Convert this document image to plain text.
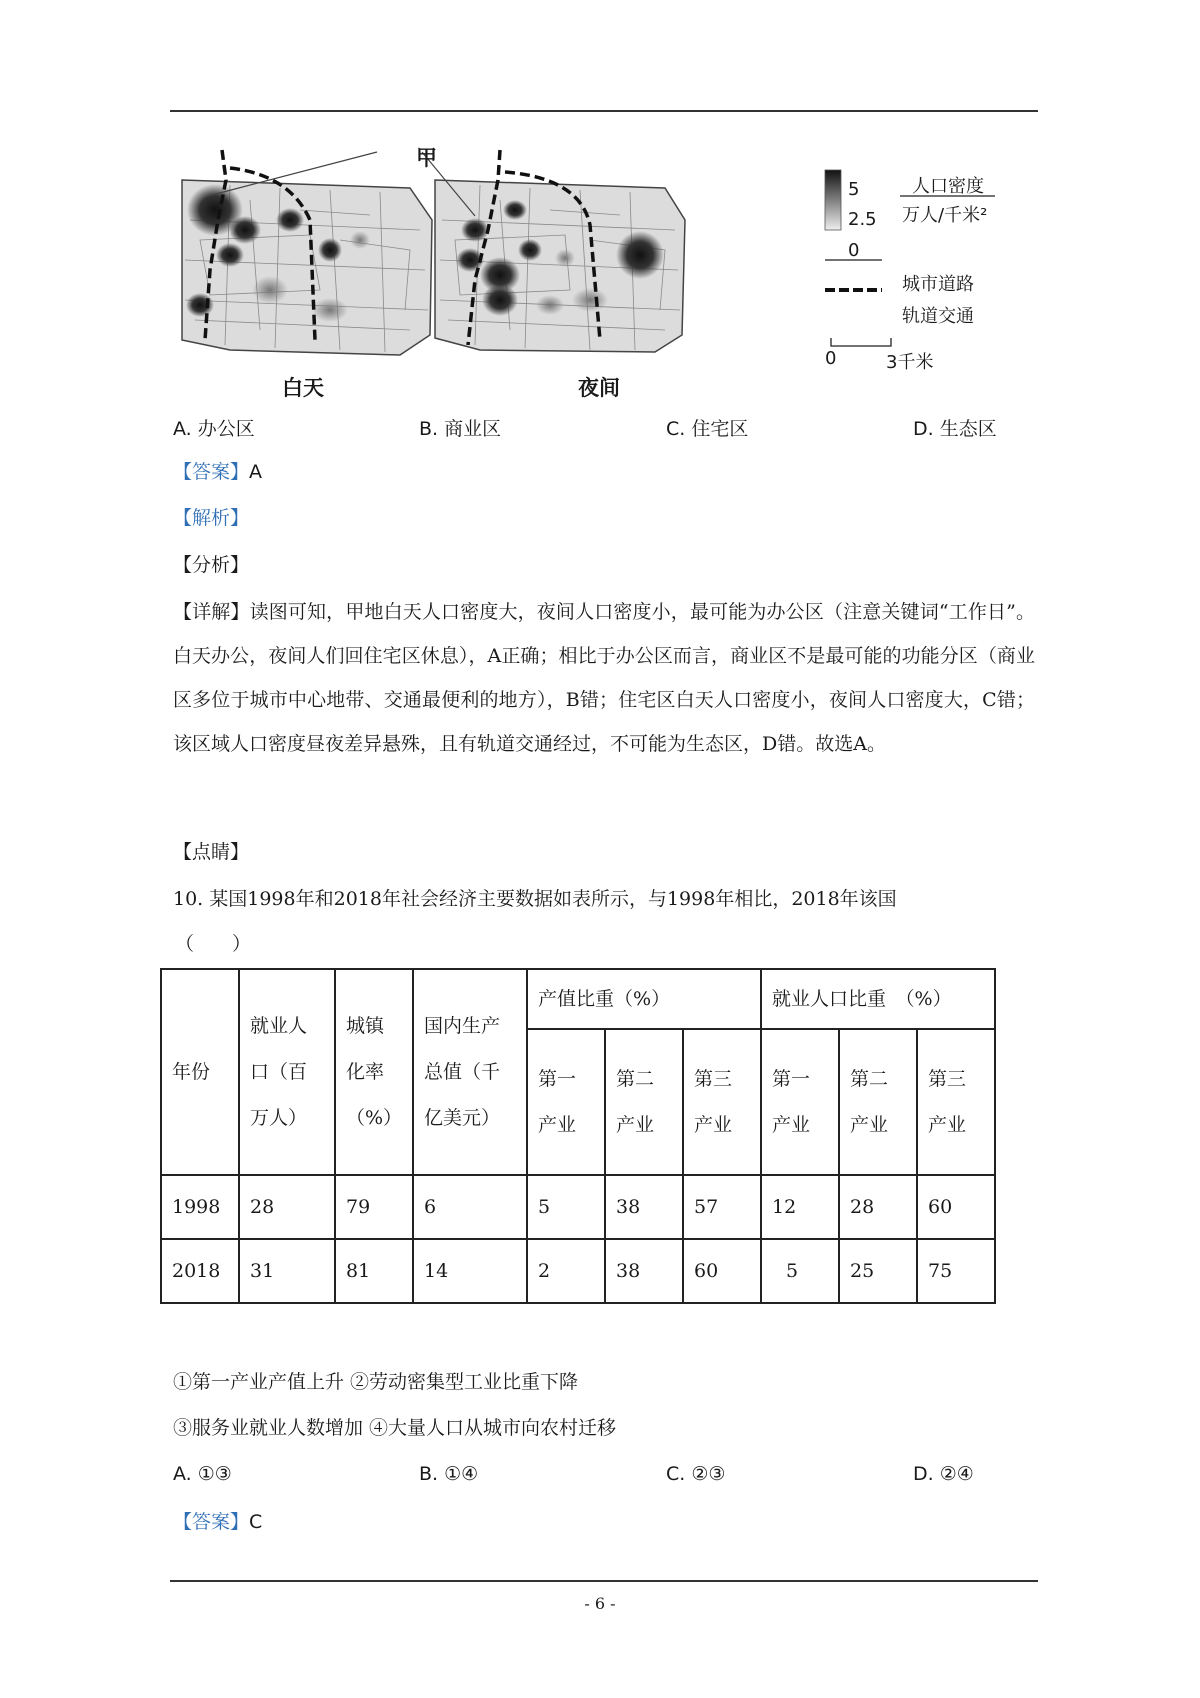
甲
白天	夜间
5
2.5
0
人口密度
万人/千米²
城市道路
轨道交通
0	3千米
A. 办公区	B. 商业区	C. 住宅区	D. 生态区
【答案】A
【解析】
【分析】
【详解】读图可知，甲地白天人口密度大，夜间人口密度小，最可能为办公区（注意关键词“工作日”。白天办公，夜间人们回住宅区休息），A正确；相比于办公区而言，商业区不是最可能的功能分区（商业区多位于城市中心地带、交通最便利的地方），B错；住宅区白天人口密度小，夜间人口密度大，C错；该区域人口密度昼夜差异悬殊，且有轨道交通经过，不可能为生态区，D错。故选A。
【点睛】
10. 某国1998年和2018年社会经济主要数据如表所示，与1998年相比，2018年该国
（　　）
年份	就业人口（百万人）	城镇化率（%）	国内生产总值（千亿美元）	产值比重（%）			就业人口比重　（%）		
				第一产业	第二产业	第三产业	第一产业	第二产业	第三产业
1998	28	79	6	5	38	57	12	28	60
2018	31	81	14	2	38	60	5	25	75
①第一产业产值上升 ②劳动密集型工业比重下降
③服务业就业人数增加 ④大量人口从城市向农村迁移
A. ①③	B. ①④	C. ②③	D. ②④
【答案】C
- 6 -
